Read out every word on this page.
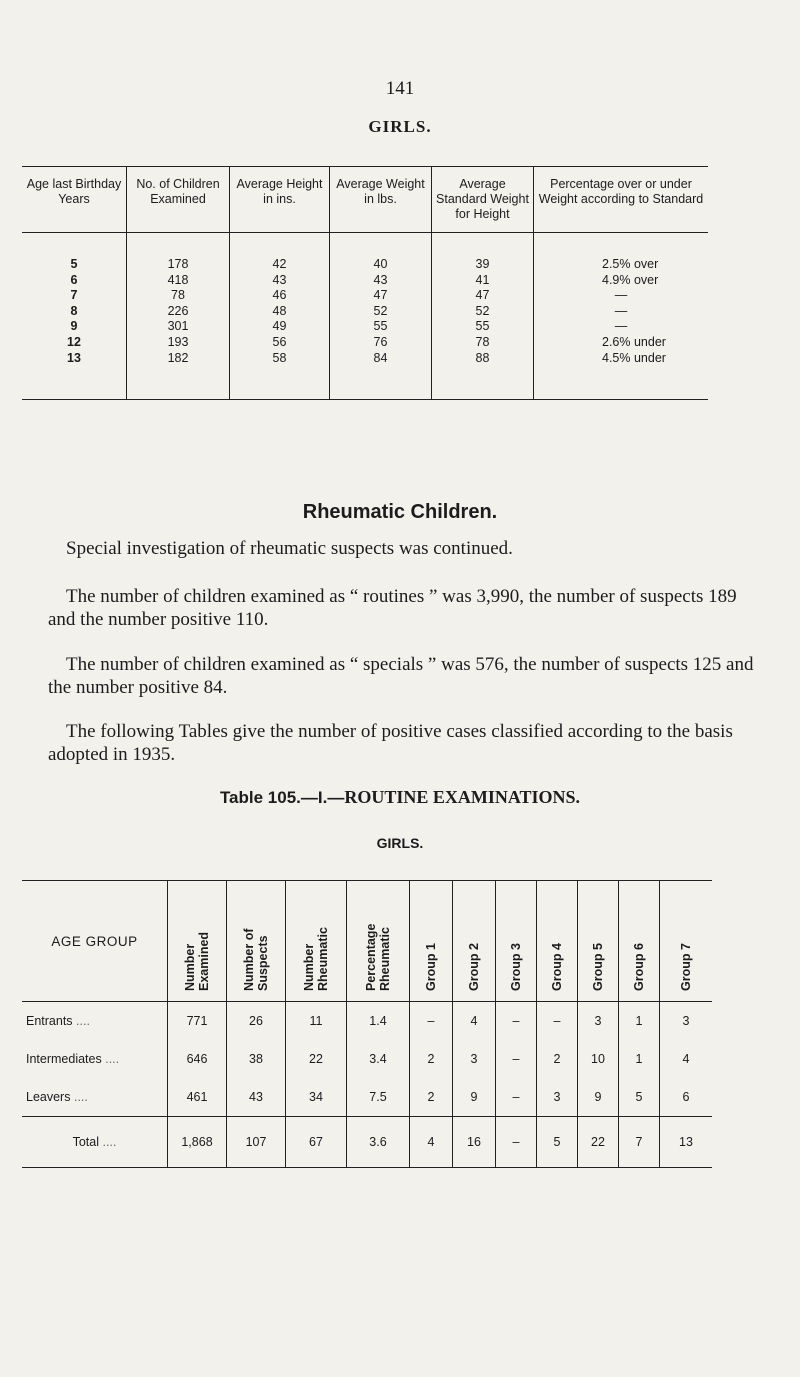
141
GIRLS.
Age last Birthday Years	No. of Children Examined	Average Height in ins.	Average Weight in lbs.	Average Standard Weight for Height	Percentage over or under Weight according to Standard
5	178	42	40	39	2.5% over
6	418	43	43	41	4.9% over
7	78	46	47	47	—
8	226	48	52	52	—
9	301	49	55	55	—
12	193	56	76	78	2.6% under
13	182	58	84	88	4.5% under
Rheumatic Children.
Special investigation of rheumatic suspects was continued.
The number of children examined as “ routines ” was 3,990, the number of suspects 189 and the number positive 110.
The number of children examined as “ specials ” was 576, the number of suspects 125 and the number positive 84.
The following Tables give the number of positive cases classified according to the basis adopted in 1935.
Table 105.—I.—ROUTINE EXAMINATIONS.
GIRLS.
AGE GROUP	Number Examined	Number of Suspects	Number Rheumatic	Percentage Rheumatic	Group 1	Group 2	Group 3	Group 4	Group 5	Group 6	Group 7

Entrants ....	771	26	11	1.4	–	4	–	–	3	1	3
Intermediates ....	646	38	22	3.4	2	3	–	2	10	1	4
Leavers ....	461	43	34	7.5	2	9	–	3	9	5	6
Total ....	1,868	107	67	3.6	4	16	–	5	22	7	13
